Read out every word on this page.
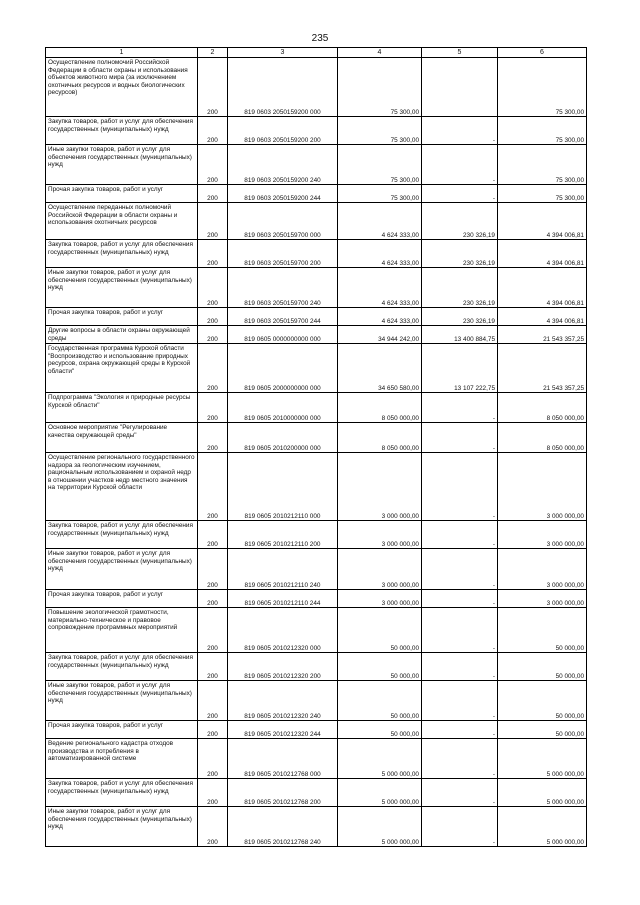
235
1	2	3	4	5	6
Осуществление полномочий Российской Федерации в области охраны и использования объектов животного мира (за исключением охотничьих ресурсов и водных биологических ресурсов)	200	819 0603 2050159200 000	75 300,00		75 300,00
Закупка товаров, работ и услуг для обеспечения государственных (муниципальных) нужд	200	819 0603 2050159200 200	75 300,00	-	75 300,00
Иные закупки товаров, работ и услуг для обеспечения государственных (муниципальных) нужд	200	819 0603 2050159200 240	75 300,00	-	75 300,00
Прочая закупка товаров, работ и услуг	200	819 0603 2050159200 244	75 300,00	-	75 300,00
Осуществление переданных полномочий Российской Федерации в области охраны и использования охотничьих ресурсов	200	819 0603 2050159700 000	4 624 333,00	230 326,19	4 394 006,81
Закупка товаров, работ и услуг для обеспечения государственных (муниципальных) нужд	200	819 0603 2050159700 200	4 624 333,00	230 326,19	4 394 006,81
Иные закупки товаров, работ и услуг для обеспечения государственных (муниципальных) нужд	200	819 0603 2050159700 240	4 624 333,00	230 326,19	4 394 006,81
Прочая закупка товаров, работ и услуг	200	819 0603 2050159700 244	4 624 333,00	230 326,19	4 394 006,81
Другие вопросы в области охраны окружающей среды	200	819 0605 0000000000 000	34 944 242,00	13 400 884,75	21 543 357,25
Государственная программа Курской области "Воспроизводство и использование природных ресурсов, охрана окружающей среды в Курской области"	200	819 0605 2000000000 000	34 650 580,00	13 107 222,75	21 543 357,25
Подпрограмма "Экология и природные ресурсы Курской области"	200	819 0605 2010000000 000	8 050 000,00	-	8 050 000,00
Основное мероприятие "Регулирование качества окружающей среды"	200	819 0605 2010200000 000	8 050 000,00	-	8 050 000,00
Осуществление регионального государственного надзора за геологическим изучением, рациональным использованием и охраной недр в отношении участков недр местного значения на территории Курской области	200	819 0605 2010212110 000	3 000 000,00	-	3 000 000,00
Закупка товаров, работ и услуг для обеспечения государственных (муниципальных) нужд	200	819 0605 2010212110 200	3 000 000,00	-	3 000 000,00
Иные закупки товаров, работ и услуг для обеспечения государственных (муниципальных) нужд	200	819 0605 2010212110 240	3 000 000,00	-	3 000 000,00
Прочая закупка товаров, работ и услуг	200	819 0605 2010212110 244	3 000 000,00	-	3 000 000,00
Повышение экологической грамотности, материально-техническое и правовое сопровождение программных мероприятий	200	819 0605 2010212320 000	50 000,00	-	50 000,00
Закупка товаров, работ и услуг для обеспечения государственных (муниципальных) нужд	200	819 0605 2010212320 200	50 000,00	-	50 000,00
Иные закупки товаров, работ и услуг для обеспечения государственных (муниципальных) нужд	200	819 0605 2010212320 240	50 000,00	-	50 000,00
Прочая закупка товаров, работ и услуг	200	819 0605 2010212320 244	50 000,00	-	50 000,00
Ведение регионального кадастра отходов производства и потребления в автоматизированной системе	200	819 0605 2010212768 000	5 000 000,00	-	5 000 000,00
Закупка товаров, работ и услуг для обеспечения государственных (муниципальных) нужд	200	819 0605 2010212768 200	5 000 000,00	-	5 000 000,00
Иные закупки товаров, работ и услуг для обеспечения государственных (муниципальных) нужд	200	819 0605 2010212768 240	5 000 000,00	-	5 000 000,00
